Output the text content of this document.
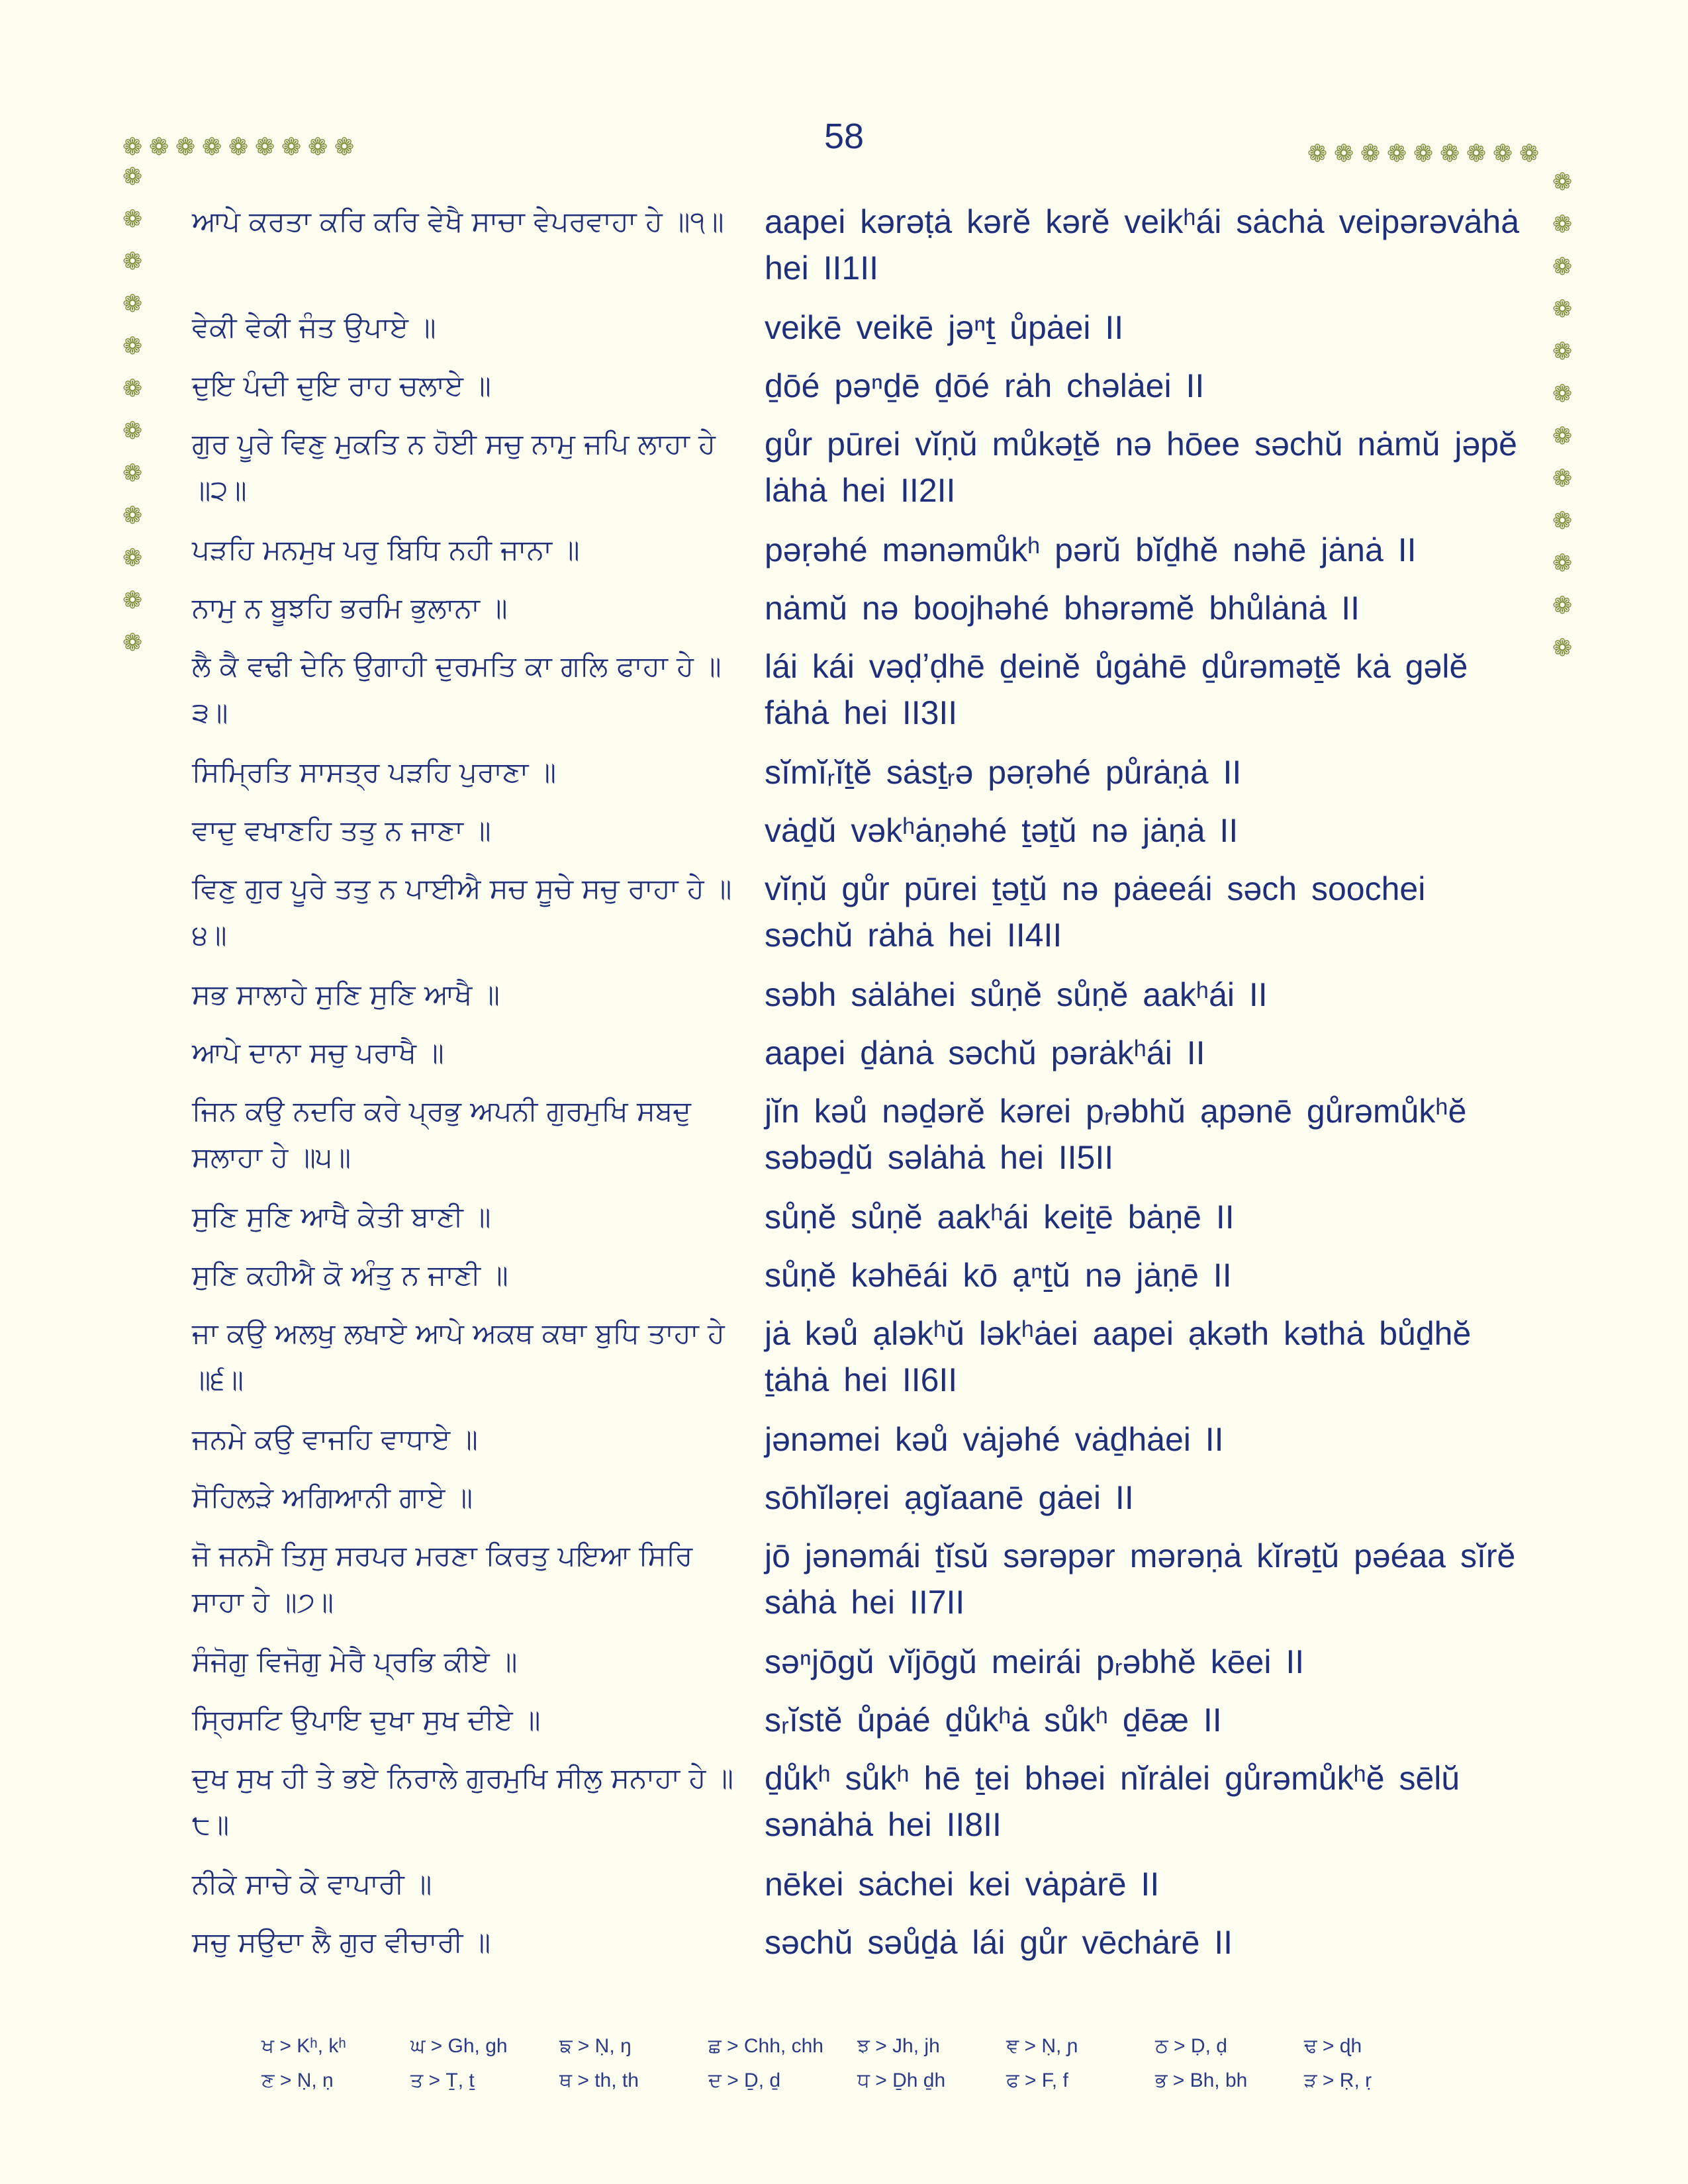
58
❁ ❁ ❁ ❁ ❁ ❁ ❁ ❁ ❁
❁
❁
❁
❁
❁
❁
❁
❁
❁
❁
❁
❁
❁ ❁ ❁ ❁ ❁ ❁ ❁ ❁ ❁
❁
❁
❁
❁
❁
❁
❁
❁
❁
❁
❁
❁
ਆਪੇ ਕਰਤਾ ਕਰਿ ਕਰਿ ਵੇਖੈ ਸਾਚਾ ਵੇਪਰਵਾਹਾ ਹੇ ॥੧॥	aapei kərəṭȧ kərĕ kərĕ veikʰái sȧchȧ veipərəvȧhȧ hei II1II
ਵੇਕੀ ਵੇਕੀ ਜੰਤ ਉਪਾਏ ॥	veikē veikē jəⁿṯ ůpȧei II
ਦੁਇ ਪੰਦੀ ਦੁਇ ਰਾਹ ਚਲਾਏ ॥	ḏōé pəⁿḏē ḏōé rȧh chəlȧei II
ਗੁਰ ਪੂਰੇ ਵਿਣੁ ਮੁਕਤਿ ਨ ਹੋਈ ਸਚੁ ਨਾਮੁ ਜਪਿ ਲਾਹਾ ਹੇ ॥੨॥
gůr pūrei vĭṇŭ můkəṯĕ nə hōee səchŭ nȧmŭ jəpĕ lȧhȧ hei II2II
ਪੜਹਿ ਮਨਮੁਖ ਪਰੁ ਬਿਧਿ ਨਹੀ ਜਾਨਾ ॥	pəṛəhé mənəmůkʰ pərŭ bĭḏhĕ nəhē jȧnȧ II
ਨਾਮੁ ਨ ਬੂਝਹਿ ਭਰਮਿ ਭੁਲਾਨਾ ॥	nȧmŭ nə boojhəhé bhərəmĕ bhůlȧnȧ II
ਲੈ ਕੈ ਵਢੀ ਦੇਨਿ ਉਗਾਹੀ ਦੁਰਮਤਿ ਕਾ ਗਲਿ ਫਾਹਾ ਹੇ ॥੩॥
lái kái vəḍʼḍhē ḏeinĕ ůgȧhē ḏůrəməṯĕ kȧ gəlĕ fȧhȧ hei II3II
ਸਿਮ੍ਰਿਤਿ ਸਾਸਤ੍ਰ ਪੜਹਿ ਪੁਰਾਣਾ ॥	sĭmĭᵣĭṯĕ sȧsṯᵣə pəṛəhé půrȧṇȧ II
ਵਾਦੁ ਵਖਾਣਹਿ ਤਤੁ ਨ ਜਾਣਾ ॥	vȧḏŭ vəkʰȧṇəhé ṯəṯŭ nə jȧṇȧ II
ਵਿਣੁ ਗੁਰ ਪੂਰੇ ਤਤੁ ਨ ਪਾਈਐ ਸਚ ਸੂਚੇ ਸਚੁ ਰਾਹਾ ਹੇ ॥੪॥
vĭṇŭ gůr pūrei ṯəṯŭ nə pȧeeái səch soochei səchŭ rȧhȧ hei II4II
ਸਭ ਸਾਲਾਹੇ ਸੁਣਿ ਸੁਣਿ ਆਖੈ ॥	səbh sȧlȧhei sůṇĕ sůṇĕ aakʰái II
ਆਪੇ ਦਾਨਾ ਸਚੁ ਪਰਾਖੈ ॥	aapei ḏȧnȧ səchŭ pərȧkʰái II
ਜਿਨ ਕਉ ਨਦਰਿ ਕਰੇ ਪ੍ਰਭੁ ਅਪਨੀ ਗੁਰਮੁਖਿ ਸਬਦੁ ਸਲਾਹਾ ਹੇ ॥੫॥
jĭn kəů nəḏərĕ kərei pᵣəbhŭ ạpənē gůrəmůkʰĕ səbəḏŭ səlȧhȧ hei II5II
ਸੁਣਿ ਸੁਣਿ ਆਖੈ ਕੇਤੀ ਬਾਣੀ ॥	sůṇĕ sůṇĕ aakʰái keiṯē bȧṇē II
ਸੁਣਿ ਕਹੀਐ ਕੋ ਅੰਤੁ ਨ ਜਾਣੀ ॥	sůṇĕ kəhēái kō ạⁿṯŭ nə jȧṇē II
ਜਾ ਕਉ ਅਲਖੁ ਲਖਾਏ ਆਪੇ ਅਕਥ ਕਥਾ ਬੁਧਿ ਤਾਹਾ ਹੇ ॥੬॥
jȧ kəů ạləkʰŭ ləkʰȧei aapei ạkəth kəthȧ bůḏhĕ ṯȧhȧ hei II6II
ਜਨਮੇ ਕਉ ਵਾਜਹਿ ਵਾਧਾਏ ॥	jənəmei kəů vȧjəhé vȧḏhȧei II
ਸੋਹਿਲੜੇ ਅਗਿਆਨੀ ਗਾਏ ॥	sōhĭləṛei ạgĭaanē gȧei II
ਜੋ ਜਨਮੈ ਤਿਸੁ ਸਰਪਰ ਮਰਣਾ ਕਿਰਤੁ ਪਇਆ ਸਿਰਿ ਸਾਹਾ ਹੇ ॥੭॥
jō jənəmái ṯĭsŭ sərəpər mərəṇȧ kĭrəṯŭ pəéaa sĭrĕ sȧhȧ hei II7II
ਸੰਜੋਗੁ ਵਿਜੋਗੁ ਮੇਰੈ ਪ੍ਰਭਿ ਕੀਏ ॥	səⁿjōgŭ vĭjōgŭ meirái pᵣəbhĕ kēei II
ਸ੍ਰਿਸਟਿ ਉਪਾਇ ਦੁਖਾ ਸੁਖ ਦੀਏ ॥	sᵣĭstĕ ůpȧé ḏůkʰȧ sůkʰ ḏēæ II
ਦੁਖ ਸੁਖ ਹੀ ਤੇ ਭਏ ਨਿਰਾਲੇ ਗੁਰਮੁਖਿ ਸੀਲੁ ਸਨਾਹਾ ਹੇ ॥੮॥
ḏůkʰ sůkʰ hē ṯei bhəei nĭrȧlei gůrəmůkʰĕ sēlŭ sənȧhȧ hei II8II
ਨੀਕੇ ਸਾਚੇ ਕੇ ਵਾਪਾਰੀ ॥	nēkei sȧchei kei vȧpȧrē II
ਸਚੁ ਸਉਦਾ ਲੈ ਗੁਰ ਵੀਚਾਰੀ ॥	səchŭ səůḏȧ lái gůr vēchȧrē II
ਖ > Kʰ, kʰ	ਘ > Gh, gh	ਙ > Ṇ, ŋ	ਛ > Chh, chh	ਝ > Jh, jh	ਞ > Ṇ, ɲ	ਠ > Ḍ, ḍ	ਢ > ɖh
ਣ > Ṇ, ṇ	ਤ > Ṯ, ṯ	ਥ > th, th	ਦ > Ḏ, ḏ	ਧ > Ḏh ḏh	ਫ > F, f	ਭ > Bh, bh	ੜ > Ṛ, ṛ
